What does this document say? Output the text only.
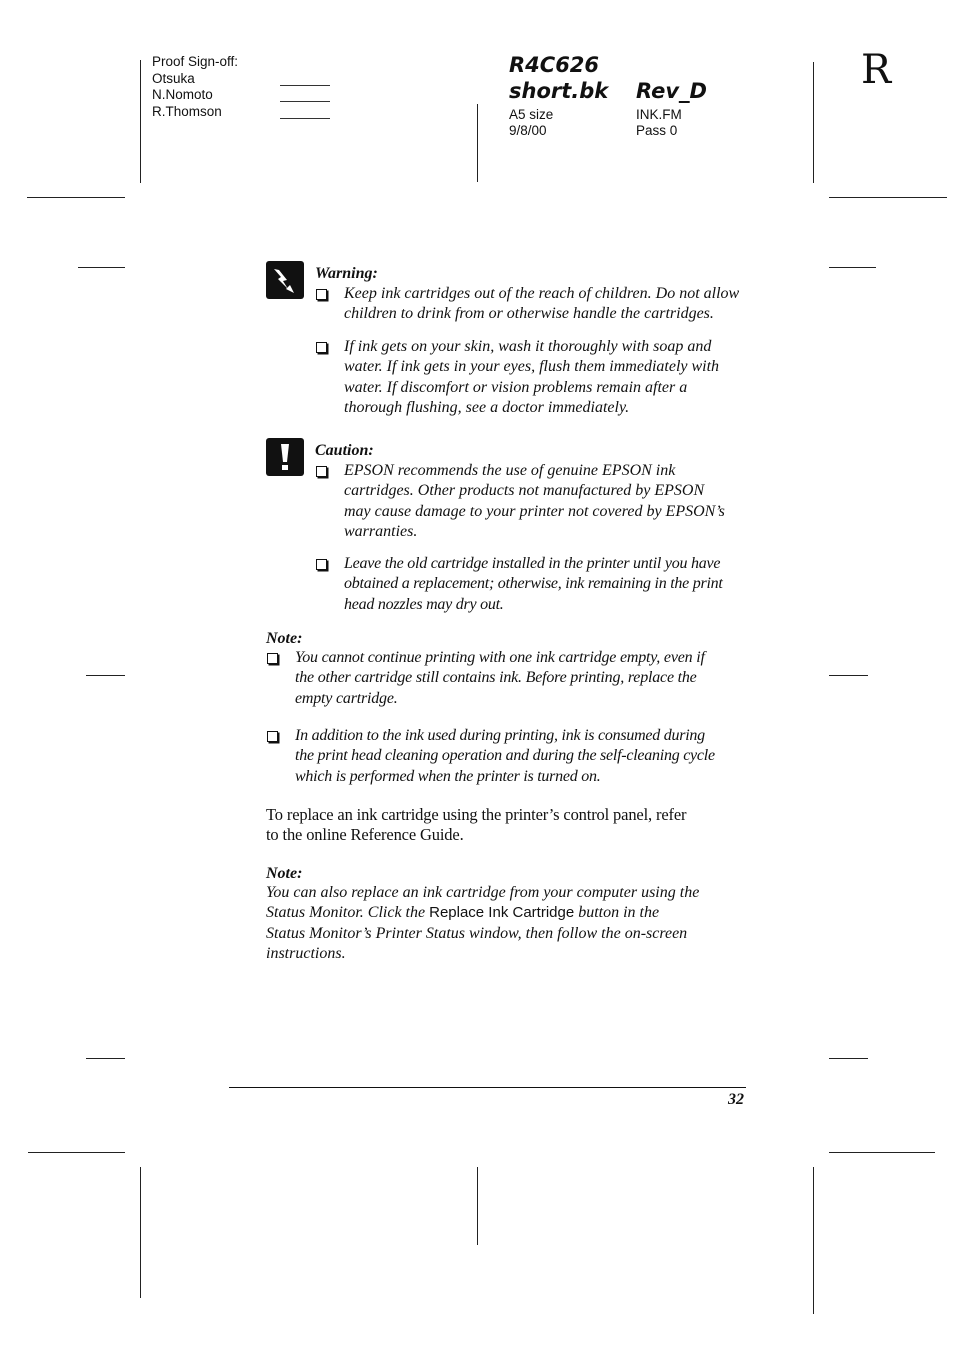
Proof Sign-off:
Otsuka
N.Nomoto
R.Thomson
R4C626
short.bk Rev_D
A5 size
9/8/00
INK.FM
Pass 0
R
Warning:
Keep ink cartridges out of the reach of children. Do not allow
children to drink from or otherwise handle the cartridges.
If ink gets on your skin, wash it thoroughly with soap and
water. If ink gets in your eyes, flush them immediately with
water. If discomfort or vision problems remain after a
thorough flushing, see a doctor immediately.
Caution:
EPSON recommends the use of genuine EPSON ink
cartridges. Other products not manufactured by EPSON
may cause damage to your printer not covered by EPSON’s
warranties.
Leave the old cartridge installed in the printer until you have
obtained a replacement; otherwise, ink remaining in the print
head nozzles may dry out.
Note:
You cannot continue printing with one ink cartridge empty, even if
the other cartridge still contains ink. Before printing, replace the
empty cartridge.
In addition to the ink used during printing, ink is consumed during
the print head cleaning operation and during the self-cleaning cycle
which is performed when the printer is turned on.
To replace an ink cartridge using the printer’s control panel, refer
to the online Reference Guide.
Note:
You can also replace an ink cartridge from your computer using the
Status Monitor. Click the Replace Ink Cartridge button in the
Status Monitor’s Printer Status window, then follow the on-screen
instructions.
32
